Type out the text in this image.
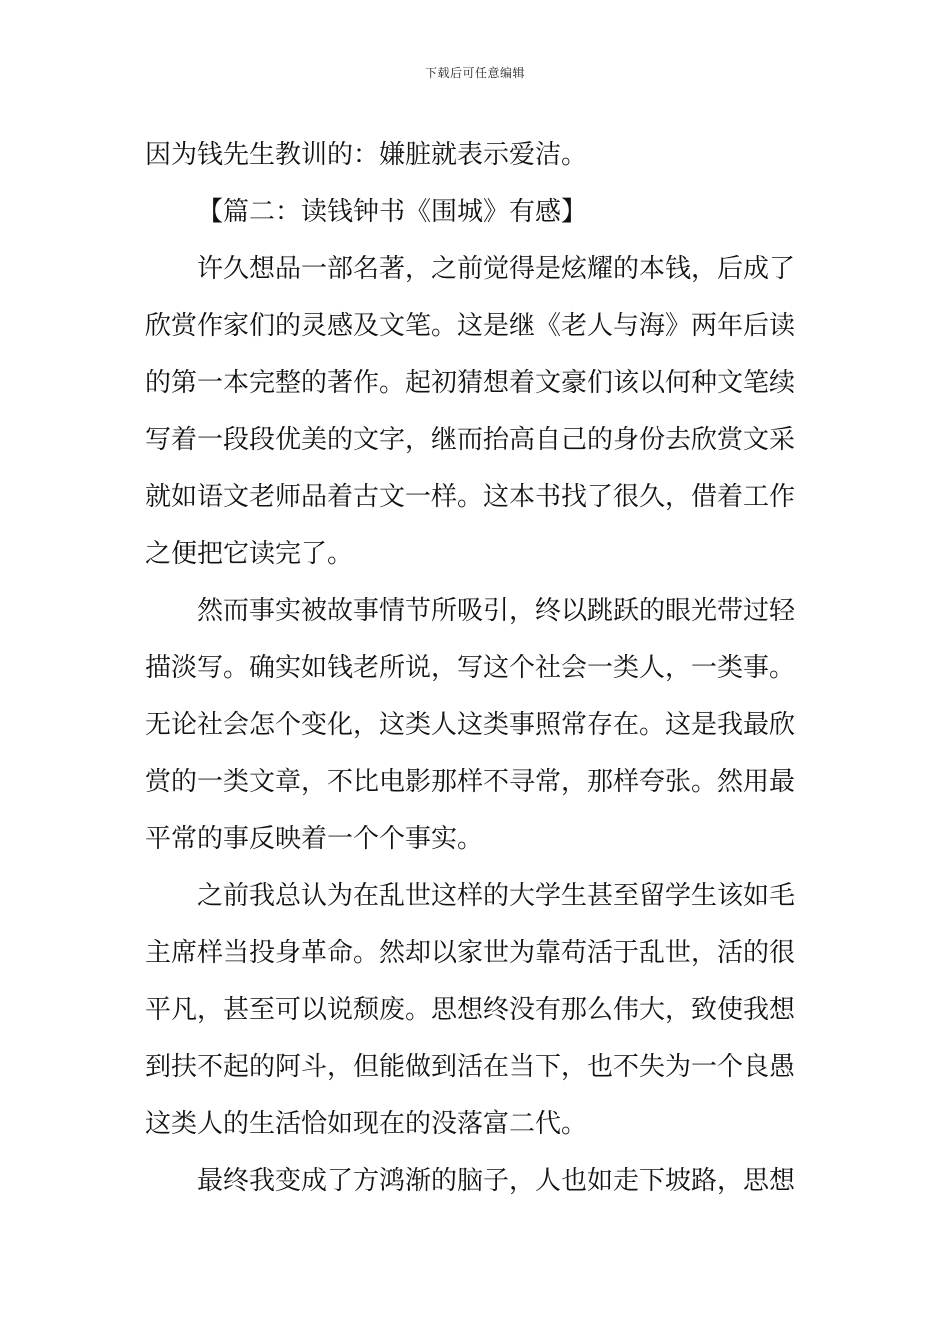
下载后可任意编辑
因为钱先生教训的：嫌脏就表示爱洁。
【篇二：读钱钟书《围城》有感】
许久想品一部名著，之前觉得是炫耀的本钱，后成了
欣赏作家们的灵感及文笔。这是继《老人与海》两年后读
的第一本完整的著作。起初猜想着文豪们该以何种文笔续
写着一段段优美的文字，继而抬高自己的身份去欣赏文采
就如语文老师品着古文一样。这本书找了很久，借着工作
之便把它读完了。
然而事实被故事情节所吸引，终以跳跃的眼光带过轻
描淡写。确实如钱老所说，写这个社会一类人，一类事。
无论社会怎个变化，这类人这类事照常存在。这是我最欣
赏的一类文章，不比电影那样不寻常，那样夸张。然用最
平常的事反映着一个个事实。
之前我总认为在乱世这样的大学生甚至留学生该如毛
主席样当投身革命。然却以家世为靠苟活于乱世，活的很
平凡，甚至可以说颓废。思想终没有那么伟大，致使我想
到扶不起的阿斗，但能做到活在当下，也不失为一个良愚
这类人的生活恰如现在的没落富二代。
最终我变成了方鸿渐的脑子，人也如走下坡路，思想
